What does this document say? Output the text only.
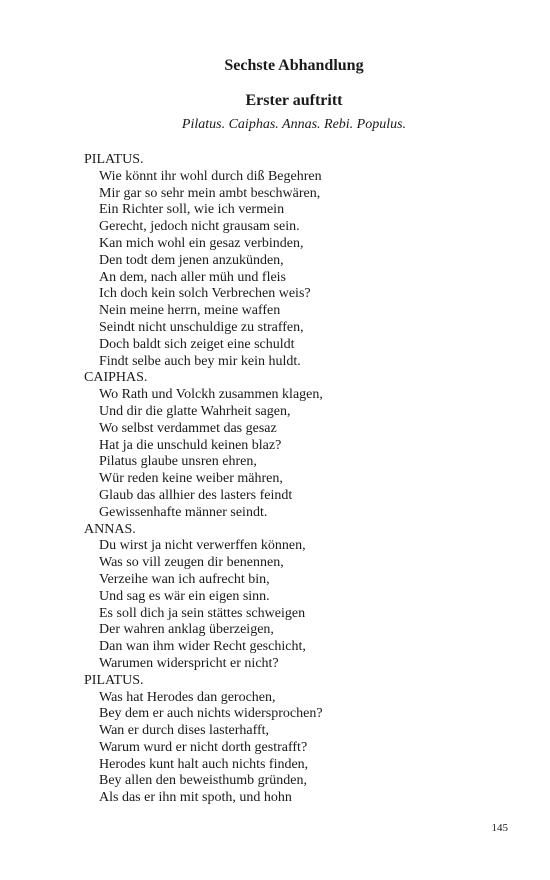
Sechste Abhandlung
Erster auftritt

Pilatus. Caiphas. Annas. Rebi. Populus.

PILATUS.
Wie könnt ihr wohl durch diß Begehren
Mir gar so sehr mein ambt beschwären,
Ein Richter soll, wie ich vermein
Gerecht, jedoch nicht grausam sein.
Kan mich wohl ein gesaz verbinden,
Den todt dem jenen anzukünden,
An dem, nach aller müh und fleis
Ich doch kein solch Verbrechen weis?
Nein meine herrn, meine waffen
Seindt nicht unschuldige zu straffen,
Doch baldt sich zeiget eine schuldt
Findt selbe auch bey mir kein huldt.
CAIPHAS.
Wo Rath und Volckh zusammen klagen,
Und dir die glatte Wahrheit sagen,
Wo selbst verdammet das gesaz
Hat ja die unschuld keinen blaz?
Pilatus glaube unsren ehren,
Wür reden keine weiber mähren,
Glaub das allhier des lasters feindt
Gewissenhafte männer seindt.
ANNAS.
Du wirst ja nicht verwerffen können,
Was so vill zeugen dir benennen,
Verzeihe wan ich aufrecht bin,
Und sag es wär ein eigen sinn.
Es soll dich ja sein stättes schweigen
Der wahren anklag überzeigen,
Dan wan ihm wider Recht geschicht,
Warumen widerspricht er nicht?
PILATUS.
Was hat Herodes dan gerochen,
Bey dem er auch nichts widersprochen?
Wan er durch dises lasterhafft,
Warum wurd er nicht dorth gestrafft?
Herodes kunt halt auch nichts finden,
Bey allen den beweisthumb gründen,
Als das er ihn mit spoth, und hohn
145
